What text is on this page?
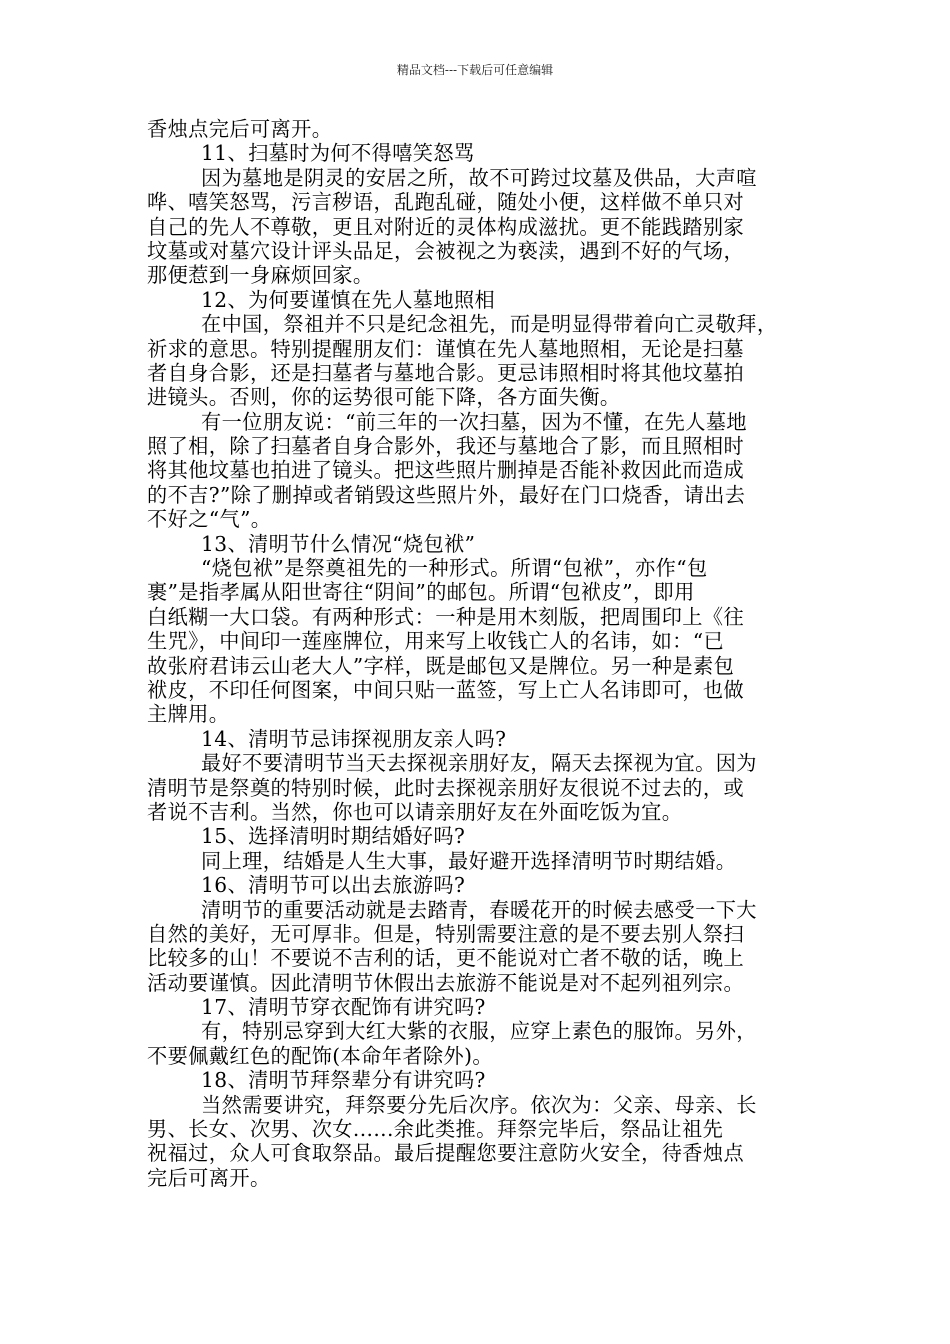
精品文档---下载后可任意编辑
香烛点完后可离开。
11、扫墓时为何不得嘻笑怒骂
因为墓地是阴灵的安居之所，故不可跨过坟墓及供品，大声喧
哗、嘻笑怒骂，污言秽语，乱跑乱碰，随处小便，这样做不单只对
自己的先人不尊敬，更且对附近的灵体构成滋扰。更不能践踏别家
坟墓或对墓穴设计评头品足，会被视之为亵渎，遇到不好的气场，
那便惹到一身麻烦回家。
12、为何要谨慎在先人墓地照相
在中国，祭祖并不只是纪念祖先，而是明显得带着向亡灵敬拜，
祈求的意思。特别提醒朋友们：谨慎在先人墓地照相，无论是扫墓
者自身合影，还是扫墓者与墓地合影。更忌讳照相时将其他坟墓拍
进镜头。否则，你的运势很可能下降，各方面失衡。
有一位朋友说：“前三年的一次扫墓，因为不懂，在先人墓地
照了相，除了扫墓者自身合影外，我还与墓地合了影，而且照相时
将其他坟墓也拍进了镜头。把这些照片删掉是否能补救因此而造成
的不吉?”除了删掉或者销毁这些照片外，最好在门口烧香，请出去
不好之“气”。
13、清明节什么情况“烧包袱”
“烧包袱”是祭奠祖先的一种形式。所谓“包袱”，亦作“包
裹”是指孝属从阳世寄往“阴间”的邮包。所谓“包袱皮”，即用
白纸糊一大口袋。有两种形式：一种是用木刻版，把周围印上《往
生咒》，中间印一莲座牌位，用来写上收钱亡人的名讳，如：“已
故张府君讳云山老大人”字样，既是邮包又是牌位。另一种是素包
袱皮，不印任何图案，中间只贴一蓝签，写上亡人名讳即可，也做
主牌用。
14、清明节忌讳探视朋友亲人吗?
最好不要清明节当天去探视亲朋好友，隔天去探视为宜。因为
清明节是祭奠的特别时候，此时去探视亲朋好友很说不过去的，或
者说不吉利。当然，你也可以请亲朋好友在外面吃饭为宜。
15、选择清明时期结婚好吗?
同上理，结婚是人生大事，最好避开选择清明节时期结婚。
16、清明节可以出去旅游吗?
清明节的重要活动就是去踏青，春暖花开的时候去感受一下大
自然的美好，无可厚非。但是，特别需要注意的是不要去别人祭扫
比较多的山！不要说不吉利的话，更不能说对亡者不敬的话，晚上
活动要谨慎。因此清明节休假出去旅游不能说是对不起列祖列宗。
17、清明节穿衣配饰有讲究吗?
有，特别忌穿到大红大紫的衣服，应穿上素色的服饰。另外，
不要佩戴红色的配饰(本命年者除外)。
18、清明节拜祭辈分有讲究吗?
当然需要讲究，拜祭要分先后次序。依次为：父亲、母亲、长
男、长女、次男、次女......余此类推。拜祭完毕后，祭品让祖先
祝福过，众人可食取祭品。最后提醒您要注意防火安全，待香烛点
完后可离开。
